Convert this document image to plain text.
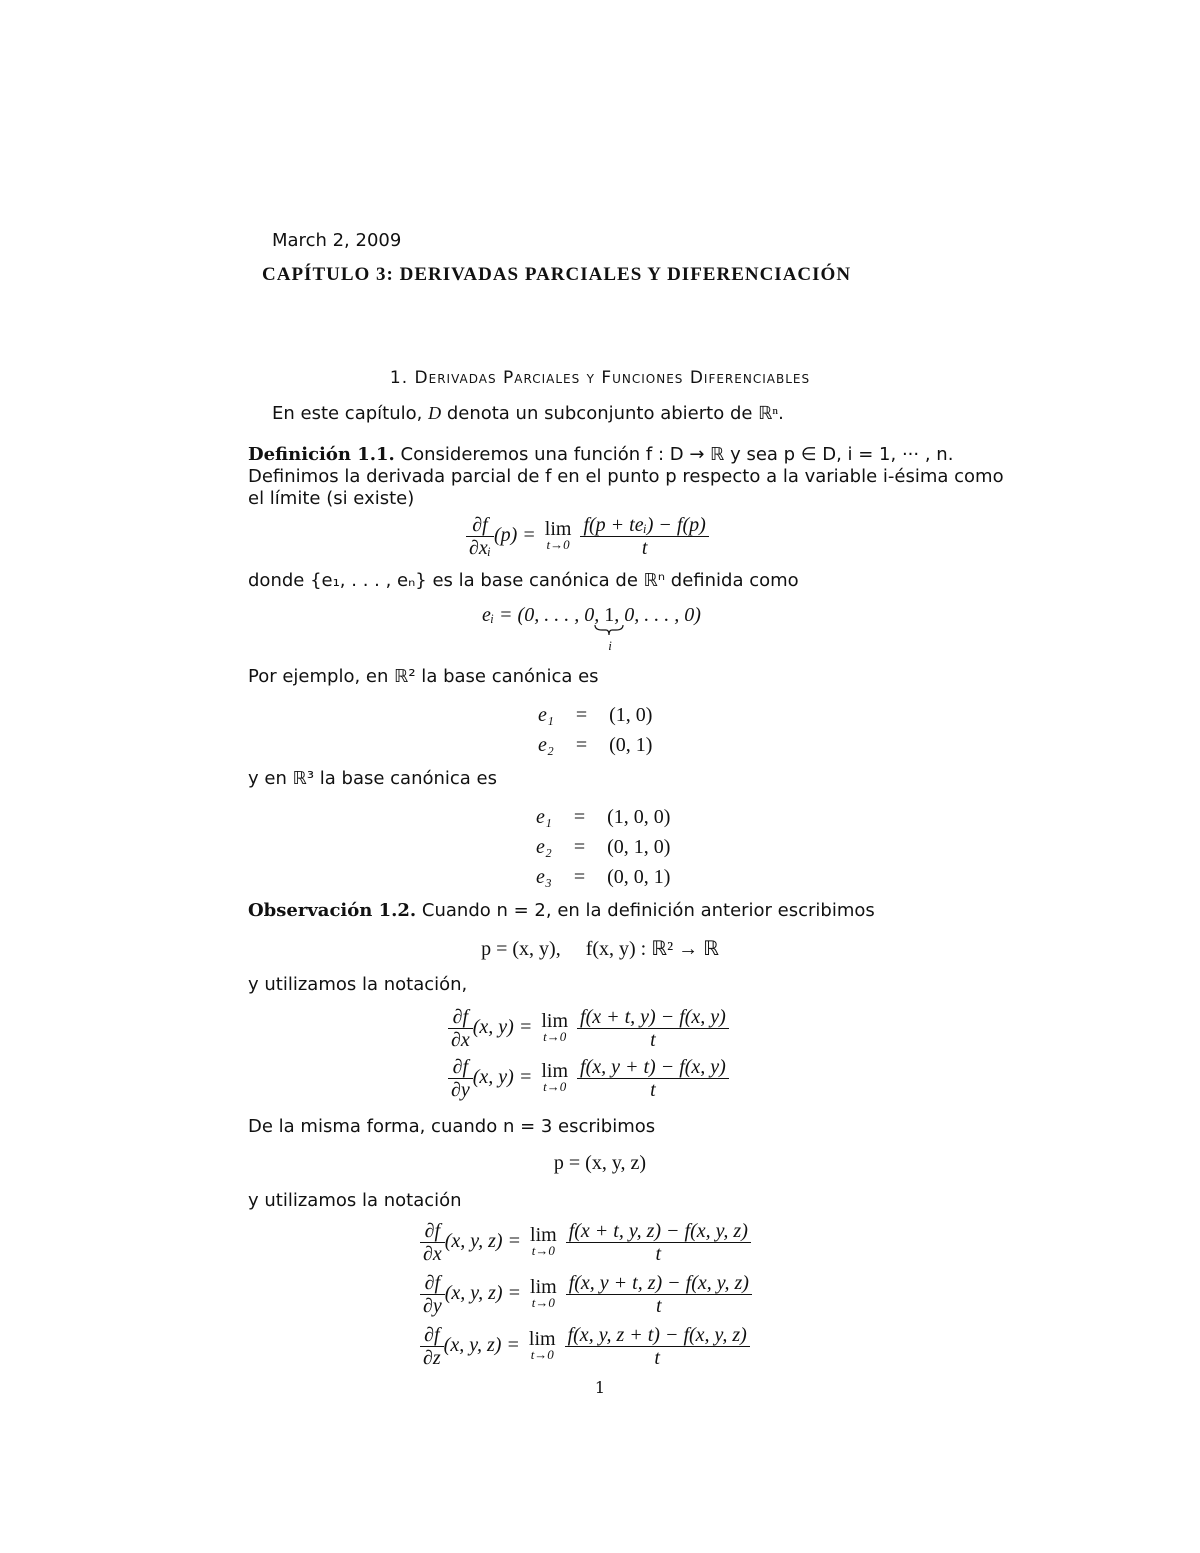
March 2, 2009
CAPÍTULO 3: DERIVADAS PARCIALES Y DIFERENCIACIÓN
1. Derivadas Parciales y Funciones Diferenciables
En este capítulo, D denota un subconjunto abierto de ℝⁿ.
Definición 1.1. Consideremos una función f : D → ℝ y sea p ∈ D, i = 1, ··· , n.
Definimos la derivada parcial de f en el punto p respecto a la variable i-ésima como
el límite (si existe)
$\frac{\partial f}{\text{∂xᵢ}} (p) = \lim$
t→0
$\frac{\text{f(p + teᵢ) − f(p)}}{t}$
donde {e₁, . . . , eₙ} es la base canónica de ℝⁿ definida como
eᵢ = (0, . . . , 0, 1
i
, 0, . . . , 0)
Por ejemplo, en ℝ² la base canónica es
e₁	=	(1, 0)
e₂	=	(0, 1)
y en ℝ³ la base canónica es
e₁	=	(1, 0, 0)
e₂	=	(0, 1, 0)
e₃	=	(0, 0, 1)
Observación 1.2. Cuando n = 2, en la definición anterior escribimos
p = (x, y),     f(x, y) : ℝ² → ℝ
y utilizamos la notación,
$\frac{\partial f}{\partial x} (x$, y) = lim
t→0
$\frac{f(x + t, y) - f(x, y)}{t}$
$\frac{\partial f}{\partial y} (x$, y) = lim
t→0
$\frac{f(x, y + t) - f(x, y)}{t}$
De la misma forma, cuando n = 3 escribimos
p = (x, y, z)
y utilizamos la notación
$\frac{\partial f}{\partial x} (x$, y, z) = lim
t→0
$\frac{f(x + t, y, z) - f(x, y, z)}{t}$
$\frac{\partial f}{\partial y} (x$, y, z) = lim
t→0
$\frac{f(x, y + t, z) - f(x, y, z)}{t}$
$\frac{\partial f}{\partial z} (x$, y, z) = lim
t→0
$\frac{f(x, y, z + t) - f(x, y, z)}{t}$
1
